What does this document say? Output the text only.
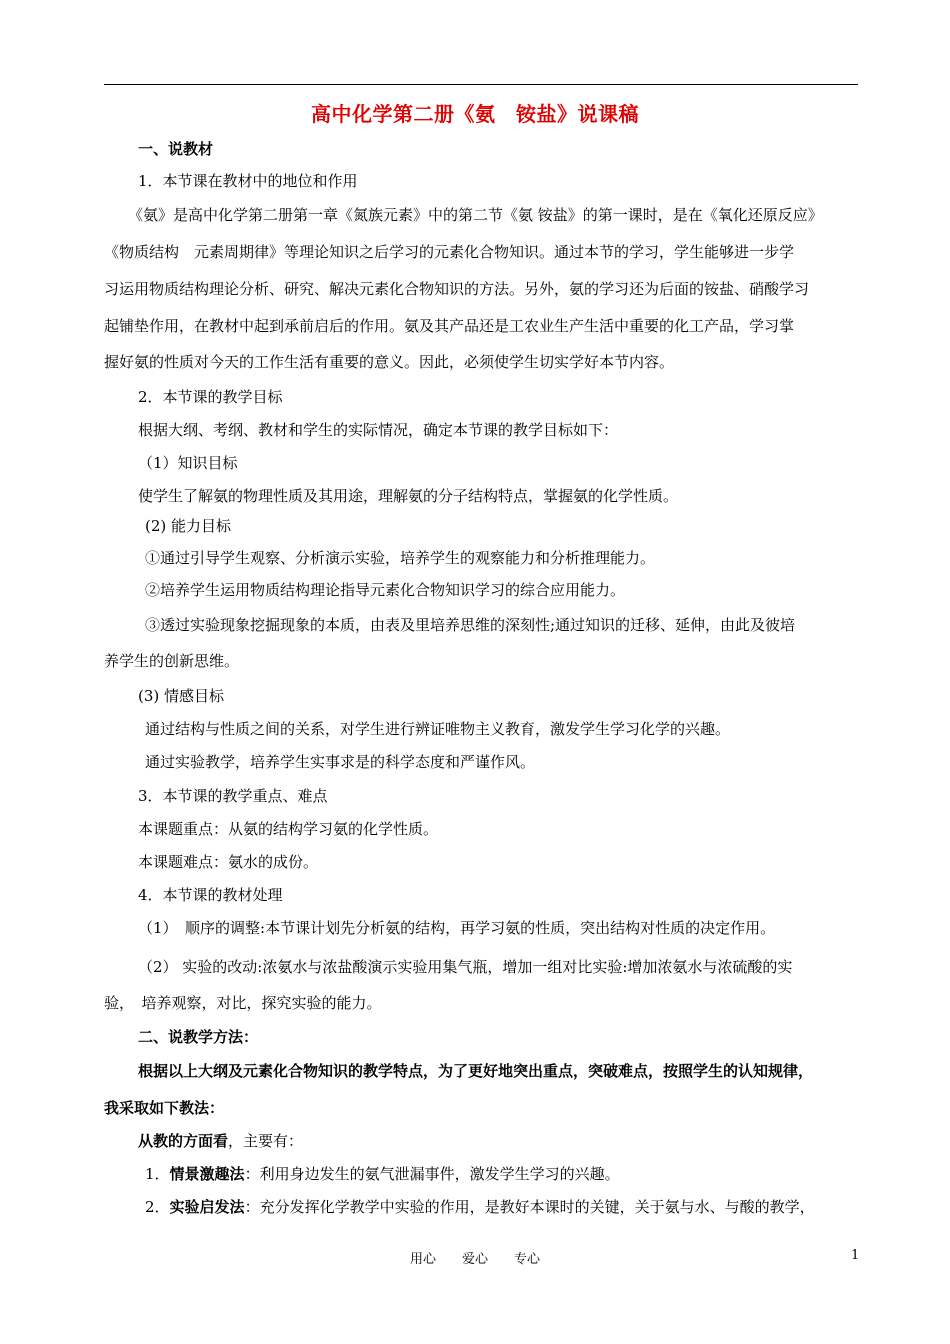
高中化学第二册《氨　铵盐》说课稿
一、说教材
1．本节课在教材中的地位和作用
《氨》是高中化学第二册第一章《氮族元素》中的第二节《氨 铵盐》的第一课时，是在《氧化还原反应》
《物质结构　元素周期律》等理论知识之后学习的元素化合物知识。通过本节的学习，学生能够进一步学
习运用物质结构理论分析、研究、解决元素化合物知识的方法。另外，氨的学习还为后面的铵盐、硝酸学习
起铺垫作用，在教材中起到承前启后的作用。氨及其产品还是工农业生产生活中重要的化工产品，学习掌
握好氨的性质对今天的工作生活有重要的意义。因此，必须使学生切实学好本节内容。
2．本节课的教学目标
根据大纲、考纲、教材和学生的实际情况，确定本节课的教学目标如下：
（1）知识目标
使学生了解氨的物理性质及其用途，理解氨的分子结构特点，掌握氨的化学性质。
(2) 能力目标
①通过引导学生观察、分析演示实验，培养学生的观察能力和分析推理能力。
②培养学生运用物质结构理论指导元素化合物知识学习的综合应用能力。
③透过实验现象挖掘现象的本质，由表及里培养思维的深刻性;通过知识的迁移、延伸，由此及彼培
养学生的创新思维。
(3) 情感目标
通过结构与性质之间的关系，对学生进行辨证唯物主义教育，激发学生学习化学的兴趣。
通过实验教学，培养学生实事求是的科学态度和严谨作风。
3．本节课的教学重点、难点
本课题重点：从氨的结构学习氨的化学性质。
本课题难点：氨水的成份。
4．本节课的教材处理
（1）　顺序的调整:本节课计划先分析氨的结构，再学习氨的性质，突出结构对性质的决定作用。
（2） 实验的改动:浓氨水与浓盐酸演示实验用集气瓶，增加一组对比实验:增加浓氨水与浓硫酸的实
验，　培养观察，对比，探究实验的能力。
二、说教学方法：
根据以上大纲及元素化合物知识的教学特点，为了更好地突出重点，突破难点，按照学生的认知规律，
我采取如下教法：
从教的方面看，主要有：
1．情景激趣法：利用身边发生的氨气泄漏事件，激发学生学习的兴趣。
2．实验启发法：充分发挥化学教学中实验的作用，是教好本课时的关键，关于氨与水、与酸的教学，
用心　　爱心　　专心	1
